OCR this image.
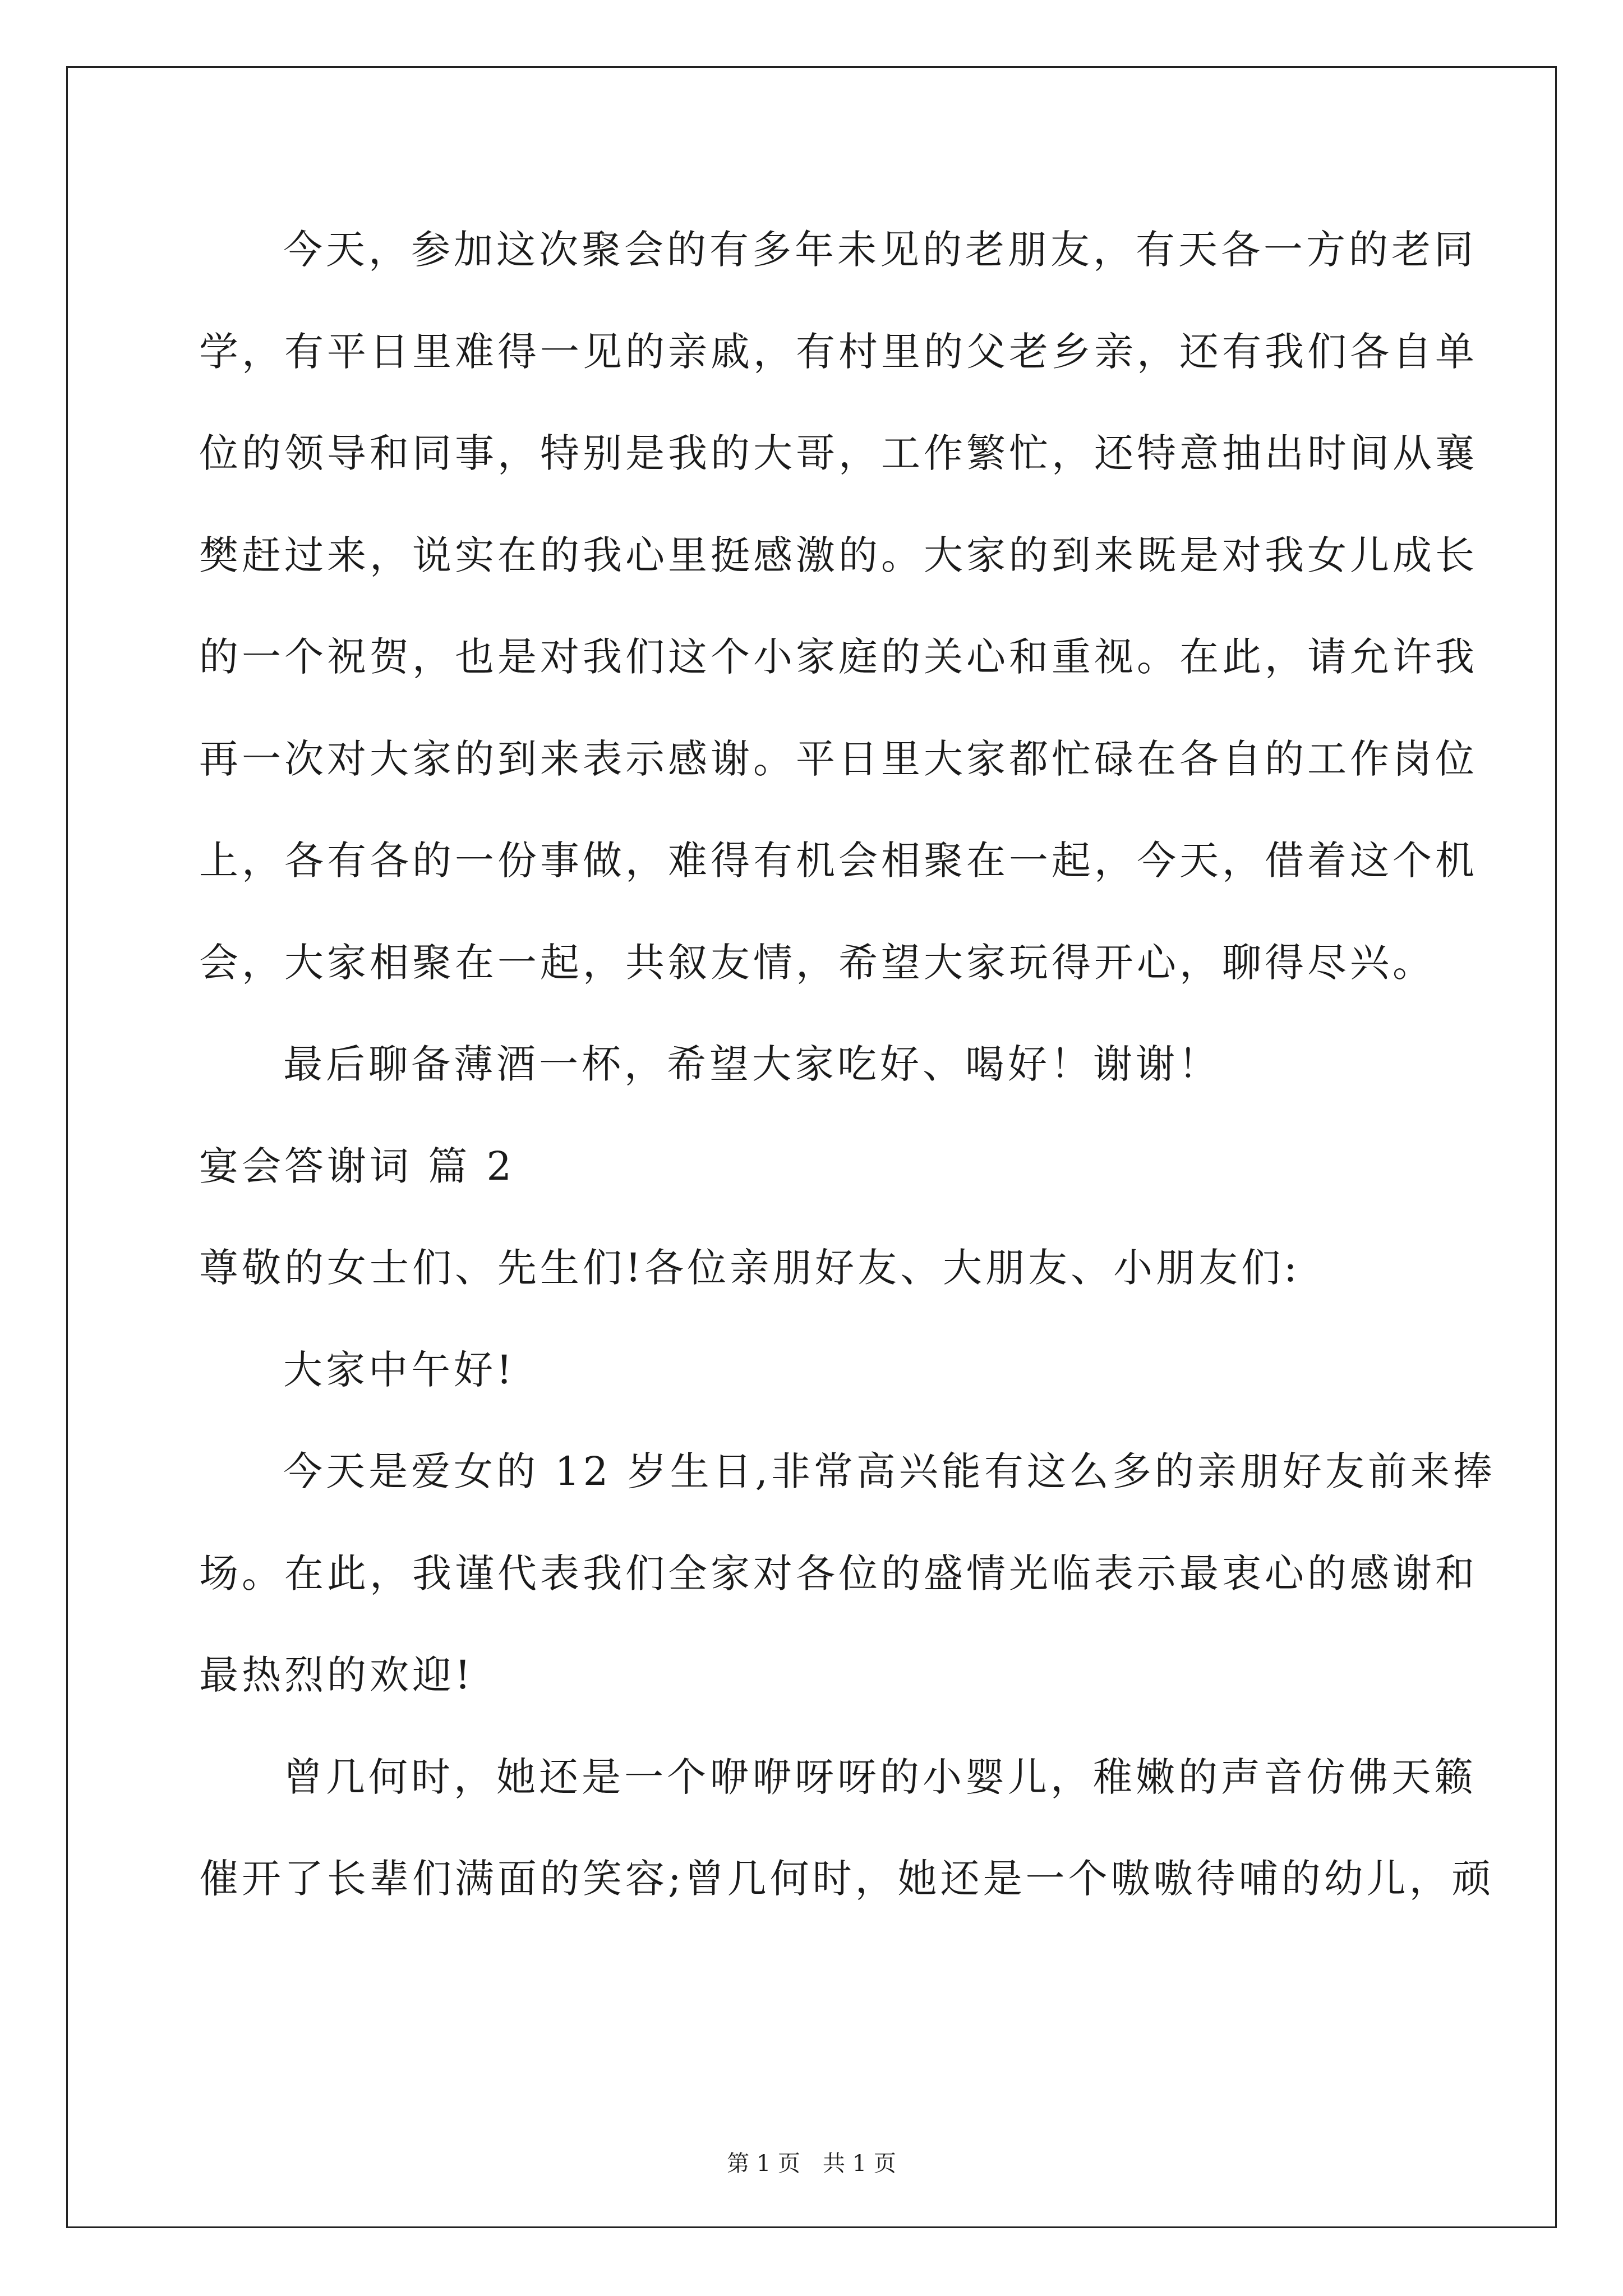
今天，参加这次聚会的有多年未见的老朋友，有天各一方的老同
学，有平日里难得一见的亲戚，有村里的父老乡亲，还有我们各自单
位的领导和同事，特别是我的大哥，工作繁忙，还特意抽出时间从襄
樊赶过来，说实在的我心里挺感激的。大家的到来既是对我女儿成长
的一个祝贺，也是对我们这个小家庭的关心和重视。在此，请允许我
再一次对大家的到来表示感谢。平日里大家都忙碌在各自的工作岗位
上，各有各的一份事做，难得有机会相聚在一起，今天，借着这个机
会，大家相聚在一起，共叙友情，希望大家玩得开心，聊得尽兴。
最后聊备薄酒一杯，希望大家吃好、喝好！谢谢！
宴会答谢词 篇 2
尊敬的女士们、先生们!各位亲朋好友、大朋友、小朋友们:
大家中午好!
今天是爱女的 12 岁生日,非常高兴能有这么多的亲朋好友前来捧
场。在此，我谨代表我们全家对各位的盛情光临表示最衷心的感谢和
最热烈的欢迎!
曾几何时，她还是一个咿咿呀呀的小婴儿，稚嫩的声音仿佛天籁
催开了长辈们满面的笑容;曾几何时，她还是一个嗷嗷待哺的幼儿，顽
第 1 页　共 1 页
